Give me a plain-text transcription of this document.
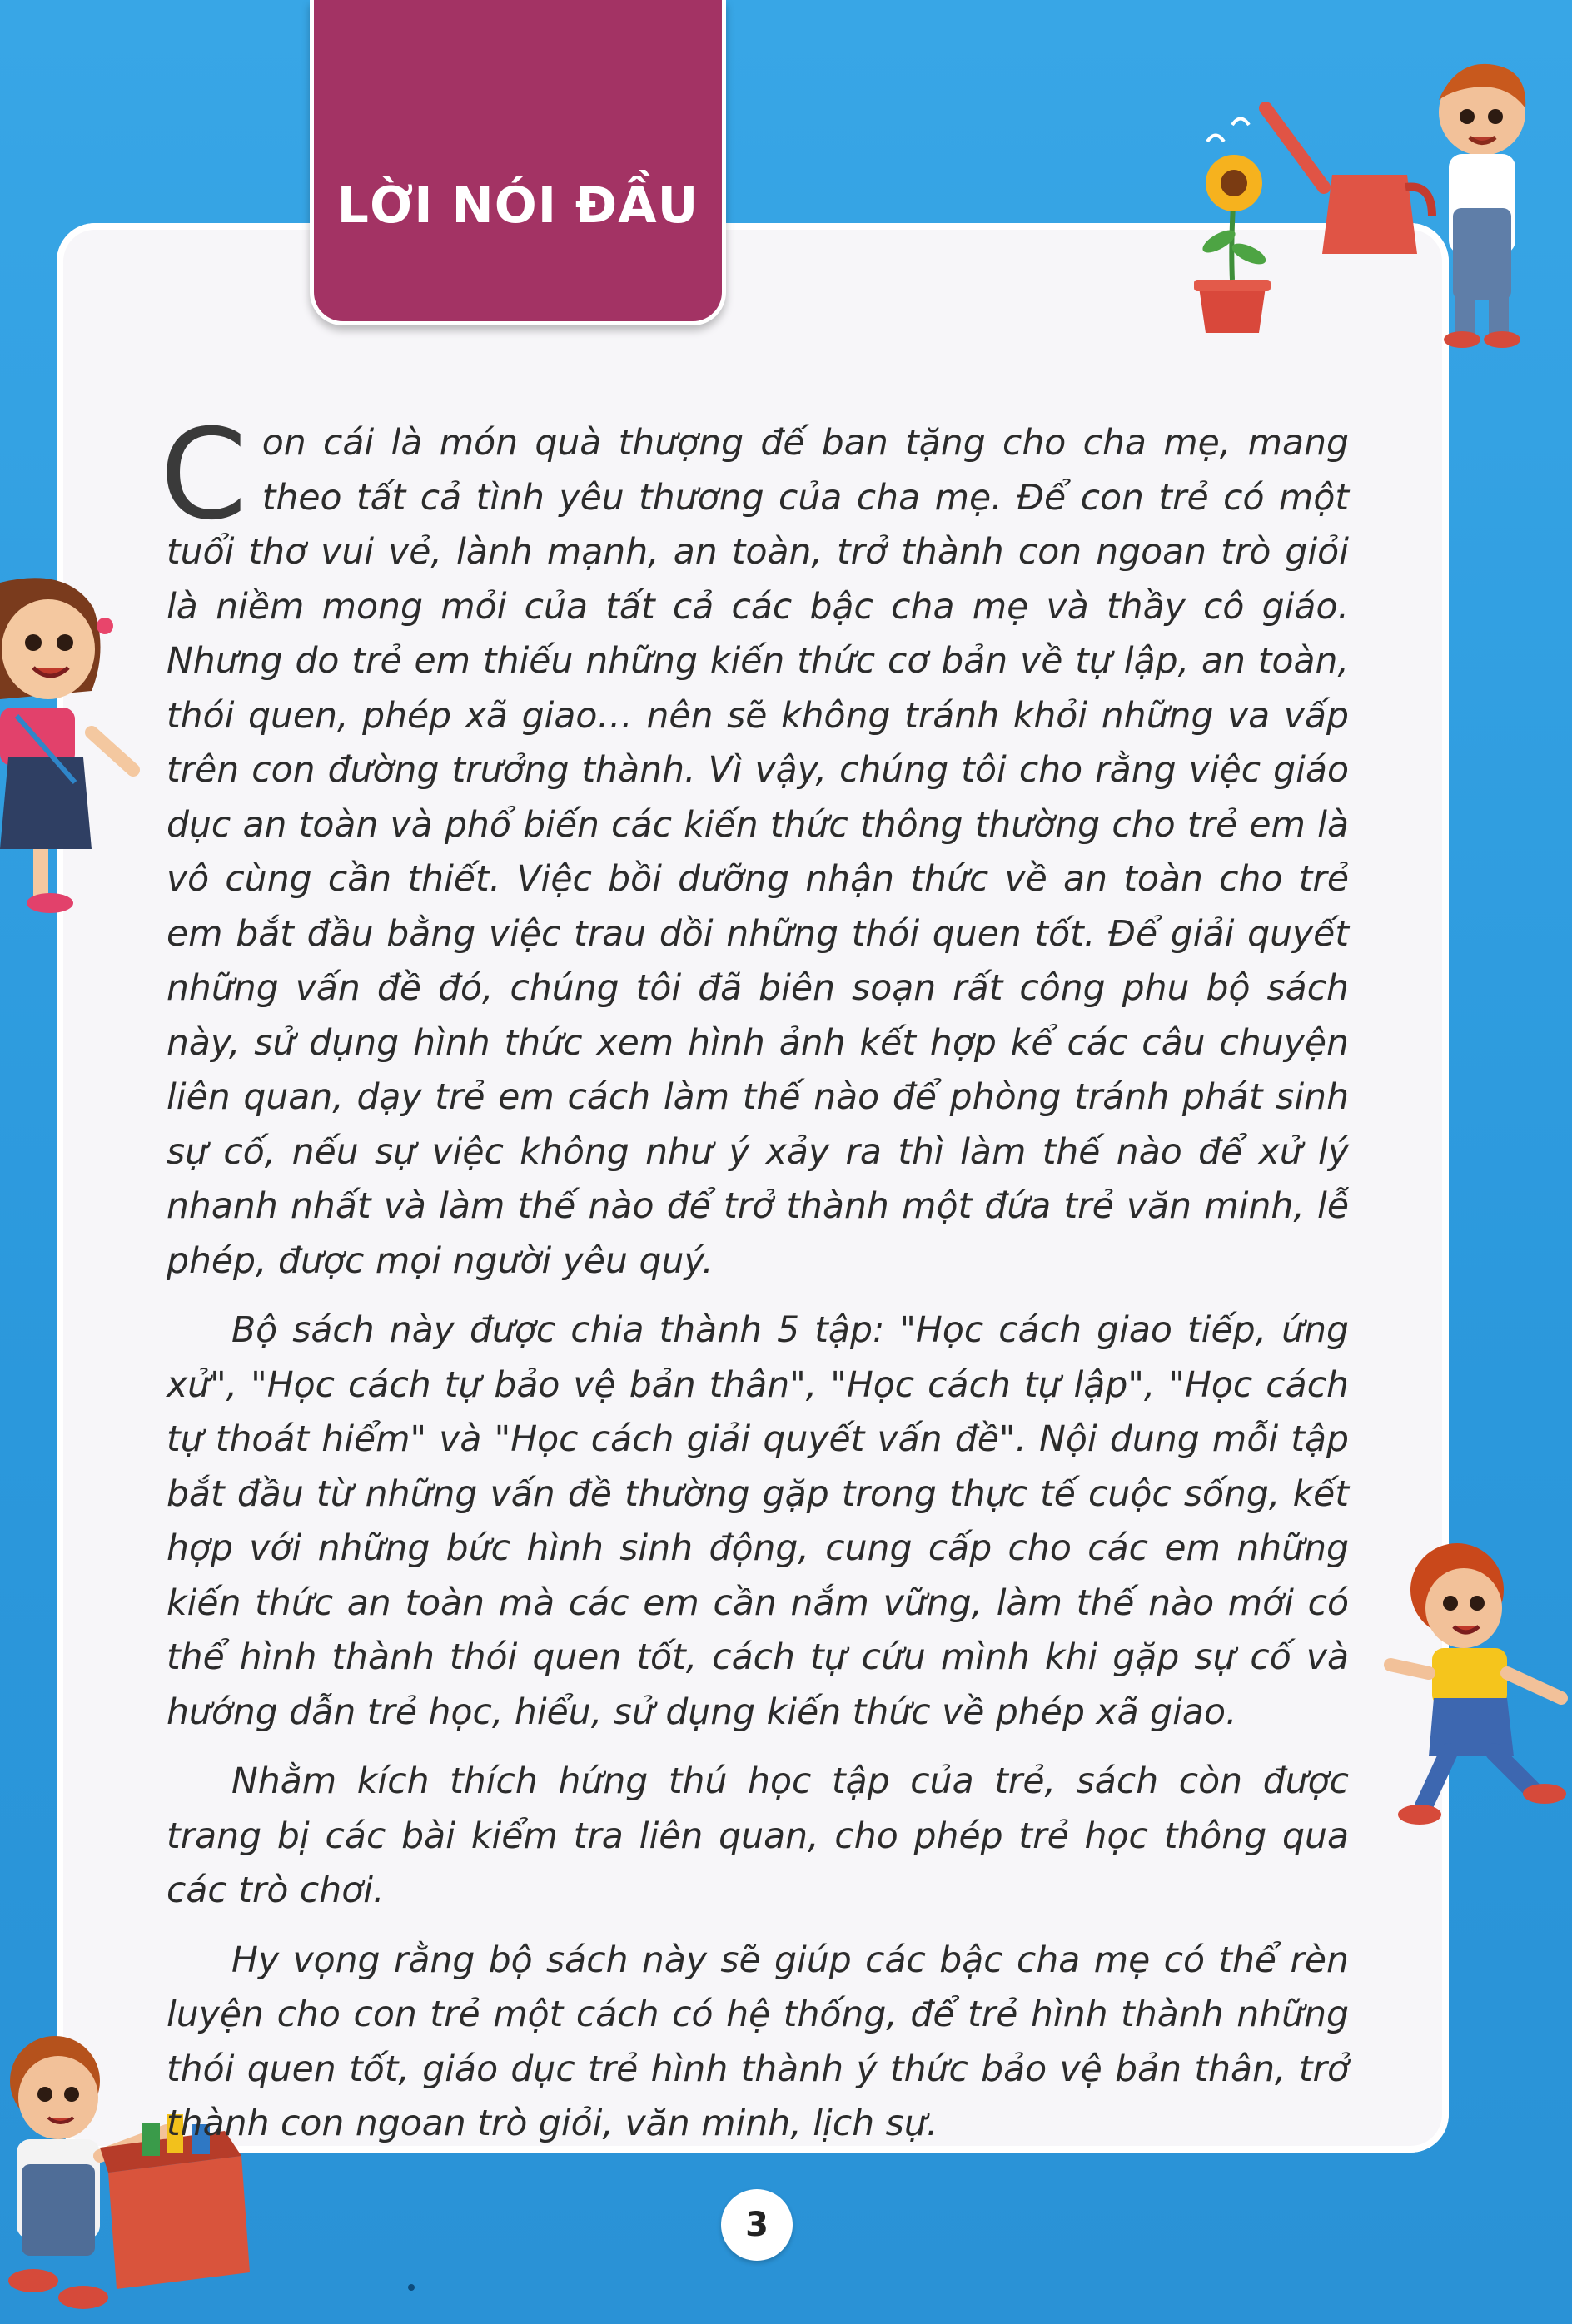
LỜI NÓI ĐẦU

Con cái là món quà thượng đế ban tặng cho cha mẹ, mang theo tất cả tình yêu thương của cha mẹ. Để con trẻ có một tuổi thơ vui vẻ, lành mạnh, an toàn, trở thành con ngoan trò giỏi là niềm mong mỏi của tất cả các bậc cha mẹ và thầy cô giáo. Nhưng do trẻ em thiếu những kiến thức cơ bản về tự lập, an toàn, thói quen, phép xã giao… nên sẽ không tránh khỏi những va vấp trên con đường trưởng thành. Vì vậy, chúng tôi cho rằng việc giáo dục an toàn và phổ biến các kiến thức thông thường cho trẻ em là vô cùng cần thiết. Việc bồi dưỡng nhận thức về an toàn cho trẻ em bắt đầu bằng việc trau dồi những thói quen tốt. Để giải quyết những vấn đề đó, chúng tôi đã biên soạn rất công phu bộ sách này, sử dụng hình thức xem hình ảnh kết hợp kể các câu chuyện liên quan, dạy trẻ em cách làm thế nào để phòng tránh phát sinh sự cố, nếu sự việc không như ý xảy ra thì làm thế nào để xử lý nhanh nhất và làm thế nào để trở thành một đứa trẻ văn minh, lễ phép, được mọi người yêu quý.

Bộ sách này được chia thành 5 tập: "Học cách giao tiếp, ứng xử", "Học cách tự bảo vệ bản thân", "Học cách tự lập", "Học cách tự thoát hiểm" và "Học cách giải quyết vấn đề". Nội dung mỗi tập bắt đầu từ những vấn đề thường gặp trong thực tế cuộc sống, kết hợp với những bức hình sinh động, cung cấp cho các em những kiến thức an toàn mà các em cần nắm vững, làm thế nào mới có thể hình thành thói quen tốt, cách tự cứu mình khi gặp sự cố và hướng dẫn trẻ học, hiểu, sử dụng kiến thức về phép xã giao.

Nhằm kích thích hứng thú học tập của trẻ, sách còn được trang bị các bài kiểm tra liên quan, cho phép trẻ học thông qua các trò chơi.

Hy vọng rằng bộ sách này sẽ giúp các bậc cha mẹ có thể rèn luyện cho con trẻ một cách có hệ thống, để trẻ hình thành những thói quen tốt, giáo dục trẻ hình thành ý thức bảo vệ bản thân, trở thành con ngoan trò giỏi, văn minh, lịch sự.

3
